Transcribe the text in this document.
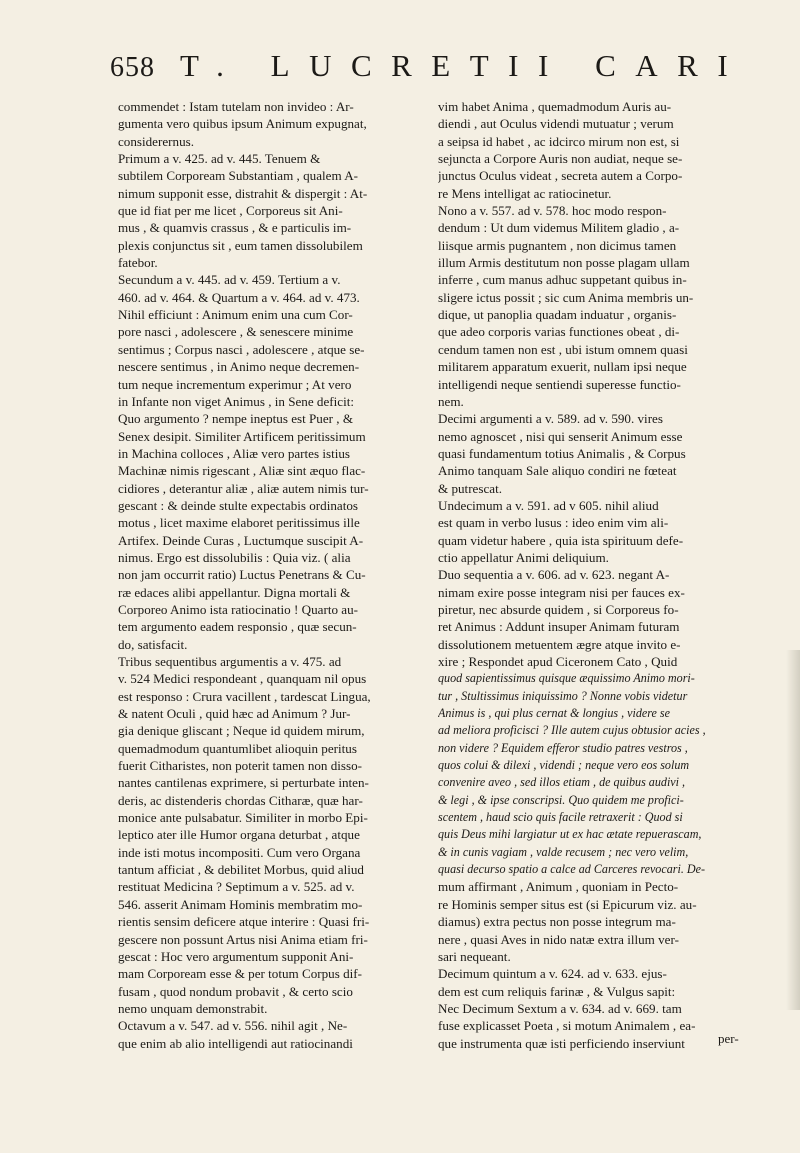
658 T. LUCRETII CARI
commendet : Istam tutelam non invideo : Ar-
gumenta vero quibus ipsum Animum expugnat,
considerernus.
Primum a v. 425. ad v. 445. Tenuem &
subtilem Corpoream Substantiam , qualem A-
nimum supponit esse, distrahit & dispergit : At-
que id fiat per me licet , Corporeus sit Ani-
mus , & quamvis crassus , & e particulis im-
plexis conjunctus sit , eum tamen dissolubilem
fatebor.
Secundum a v. 445. ad v. 459. Tertium a v.
460. ad v. 464. & Quartum a v. 464. ad v. 473.
Nihil efficiunt : Animum enim una cum Cor-
pore nasci , adolescere , & senescere minime
sentimus ; Corpus nasci , adolescere , atque se-
nescere sentimus , in Animo neque decremen-
tum neque incrementum experimur ; At vero
in Infante non viget Animus , in Sene deficit:
Quo argumento ? nempe ineptus est Puer , &
Senex desipit. Similiter Artificem peritissimum
in Machina colloces , Aliæ vero partes istius
Machinæ nimis rigescant , Aliæ sint æquo flac-
cidiores , deterantur aliæ , aliæ autem nimis tur-
gescant : & deinde stulte expectabis ordinatos
motus , licet maxime elaboret peritissimus ille
Artifex. Deinde Curas , Luctumque suscipit A-
nimus. Ergo est dissolubilis : Quia viz. ( alia
non jam occurrit ratio) Luctus Penetrans & Cu-
ræ edaces alibi appellantur. Digna mortali &
Corporeo Animo ista ratiocinatio ! Quarto au-
tem argumento eadem responsio , quæ secun-
do, satisfacit.
Tribus sequentibus argumentis a v. 475. ad
v. 524 Medici respondeant , quanquam nil opus
est responso : Crura vacillent , tardescat Lingua,
& natent Oculi , quid hæc ad Animum ? Jur-
gia denique gliscant ; Neque id quidem mirum,
quemadmodum quantumlibet alioquin peritus
fuerit Citharistes, non poterit tamen non disso-
nantes cantilenas exprimere, si perturbate inten-
deris, ac distenderis chordas Citharæ, quæ har-
monice ante pulsabatur. Similiter in morbo Epi-
leptico ater ille Humor organa deturbat , atque
inde isti motus incompositi. Cum vero Organa
tantum afficiat , & debilitet Morbus, quid aliud
restituat Medicina ? Septimum a v. 525. ad v.
546. asserit Animam Hominis membratim mo-
rientis sensim deficere atque interire : Quasi fri-
gescere non possunt Artus nisi Anima etiam fri-
gescat : Hoc vero argumentum supponit Ani-
mam Corpoream esse & per totum Corpus dif-
fusam , quod nondum probavit , & certo scio
nemo unquam demonstrabit.
Octavum a v. 547. ad v. 556. nihil agit , Ne-
que enim ab alio intelligendi aut ratiocinandi
vim habet Anima , quemadmodum Auris au-
diendi , aut Oculus videndi mutuatur ; verum
a seipsa id habet , ac idcirco mirum non est, si
sejuncta a Corpore Auris non audiat, neque se-
junctus Oculus videat , secreta autem a Corpo-
re Mens intelligat ac ratiocinetur.
Nono a v. 557. ad v. 578. hoc modo respon-
dendum : Ut dum videmus Militem gladio , a-
liisque armis pugnantem , non dicimus tamen
illum Armis destitutum non posse plagam ullam
inferre , cum manus adhuc suppetant quibus in-
sligere ictus possit ; sic cum Anima membris un-
dique, ut panoplia quadam induatur , organis-
que adeo corporis varias functiones obeat , di-
cendum tamen non est , ubi istum omnem quasi
militarem apparatum exuerit, nullam ipsi neque
intelligendi neque sentiendi superesse functio-
nem.
Decimi argumenti a v. 589. ad v. 590. vires
nemo agnoscet , nisi qui senserit Animum esse
quasi fundamentum totius Animalis , & Corpus
Animo tanquam Sale aliquo condiri ne fœteat
& putrescat.
Undecimum a v. 591. ad v 605. nihil aliud
est quam in verbo lusus : ideo enim vim ali-
quam videtur habere , quia ista spirituum defe-
ctio appellatur Animi deliquium.
Duo sequentia a v. 606. ad v. 623. negant A-
nimam exire posse integram nisi per fauces ex-
piretur, nec absurde quidem , si Corporeus fo-
ret Animus : Addunt insuper Animam futuram
dissolutionem metuentem ægre atque invito e-
xire ; Respondet apud Ciceronem Cato , Quid
quod sapientissimus quisque æquissimo Animo mori-
tur , Stultissimus iniquissimo ? Nonne vobis videtur
Animus is , qui plus cernat & longius , videre se
ad meliora proficisci ? Ille autem cujus obtusior acies ,
non videre ? Equidem efferor studio patres vestros ,
quos colui & dilexi , videndi ; neque vero eos solum
convenire aveo , sed illos etiam , de quibus audivi ,
& legi , & ipse conscripsi. Quo quidem me profici-
scentem , haud scio quis facile retraxerit : Quod si
quis Deus mihi largiatur ut ex hac ætate repuerascam,
& in cunis vagiam , valde recusem ; nec vero velim,
quasi decurso spatio a calce ad Carceres revocari. De-
mum affirmant , Animum , quoniam in Pecto-
re Hominis semper situs est (si Epicurum viz. au-
diamus) extra pectus non posse integrum ma-
nere , quasi Aves in nido natæ extra illum ver-
sari nequeant.
Decimum quintum a v. 624. ad v. 633. ejus-
dem est cum reliquis farinæ , & Vulgus sapit:
Nec Decimum Sextum a v. 634. ad v. 669. tam
fuse explicasset Poeta , si motum Animalem , ea-
que instrumenta quæ isti perficiendo inserviunt	per-
